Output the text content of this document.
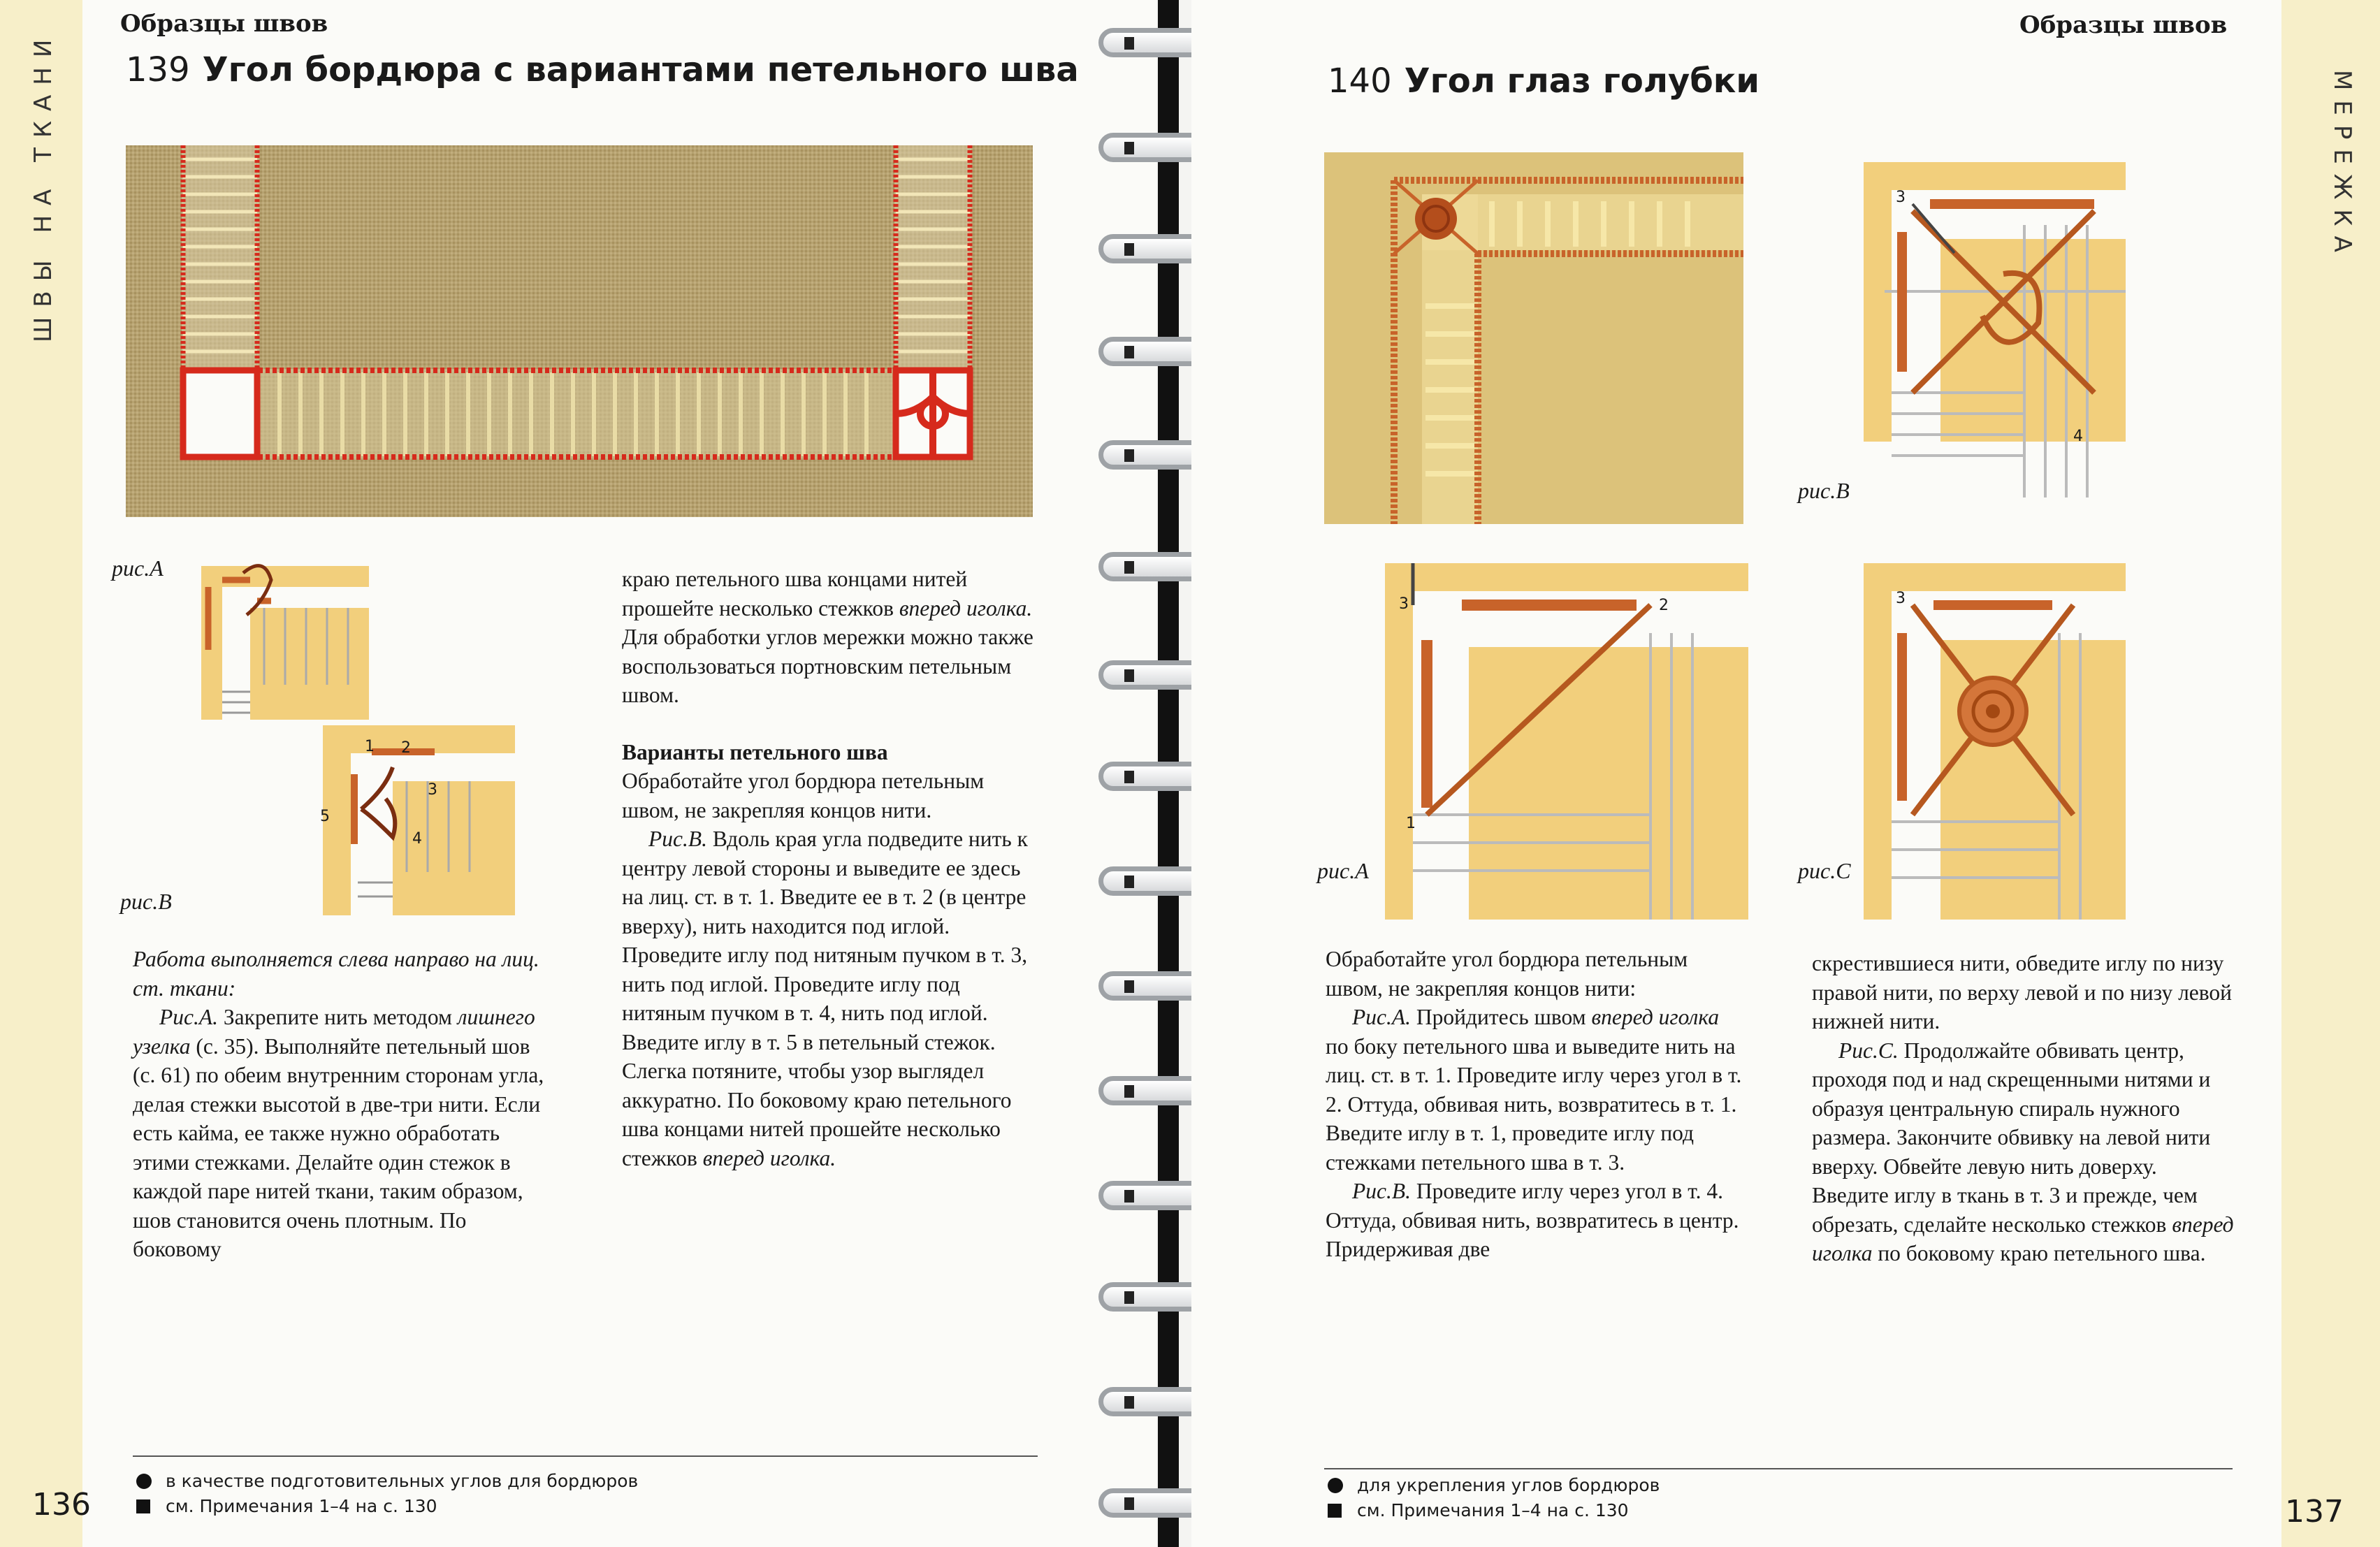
ШВЫ НА ТКАНИ
Образцы швов
139 Угол бордюра с вариантами петельного шва
рис.А
1 2
3
4
5
рис.В

Работа выполняется слева направо на лиц. ст. ткани:

Рис.А. Закрепите нить методом лишнего узелка (с. 35). Выполняйте петельный шов (с. 61) по обеим внутренним сторонам угла, делая стежки высотой в две-три нити. Если есть кайма, ее также нужно обработать этими стежками. Делайте один стежок в каждой паре нитей ткани, таким образом, шов становится очень плотным. По боковому

краю петельного шва концами нитей прошейте несколько стежков вперед иголка. Для обработки углов мережки можно также воспользоваться портновским петельным швом.

Варианты петельного шва

Обработайте угол бордюра петельным швом, не закрепляя концов нити.

Рис.В. Вдоль края угла подведите нить к центру левой стороны и выведите ее здесь на лиц. ст. в т. 1. Введите ее в т. 2 (в центре вверху), нить находится под иглой. Проведите иглу под нитяным пучком в т. 3, нить под иглой. Проведите иглу под нитяным пучком в т. 4, нить под иглой. Введите иглу в т. 5 в петельный стежок. Слегка потяните, чтобы узор выглядел аккуратно. По боковому краю петельного шва концами нитей прошейте несколько стежков вперед иголка.

в качестве подготовительных углов для бордюров
см. Примечания 1–4 на с. 130
136
МЕРЕЖКА
Образцы швов
140 Угол глаз голубки
3
4
рис.В
3	2
1
рис.А
3
рис.С

Обработайте угол бордюра петельным швом, не закрепляя концов нити:

Рис.А. Пройдитесь швом вперед иголка по боку петельного шва и выведите нить на лиц. ст. в т. 1. Проведите иглу через угол в т. 2. Оттуда, обвивая нить, возвратитесь в т. 1. Введите иглу в т. 1, проведите иглу под стежками петельного шва в т. 3.

Рис.В. Проведите иглу через угол в т. 4. Оттуда, обвивая нить, возвратитесь в центр. Придерживая две

скрестившиеся нити, обведите иглу по низу правой нити, по верху левой и по низу левой нижней нити.

Рис.С. Продолжайте обвивать центр, проходя под и над скрещенными нитями и образуя центральную спираль нужного размера. Закончите обвивку на левой нити вверху. Обвейте левую нить доверху. Введите иглу в ткань в т. 3 и прежде, чем обрезать, сделайте несколько стежков вперед иголка по боковому краю петельного шва.

для укрепления углов бордюров
см. Примечания 1–4 на с. 130	137
